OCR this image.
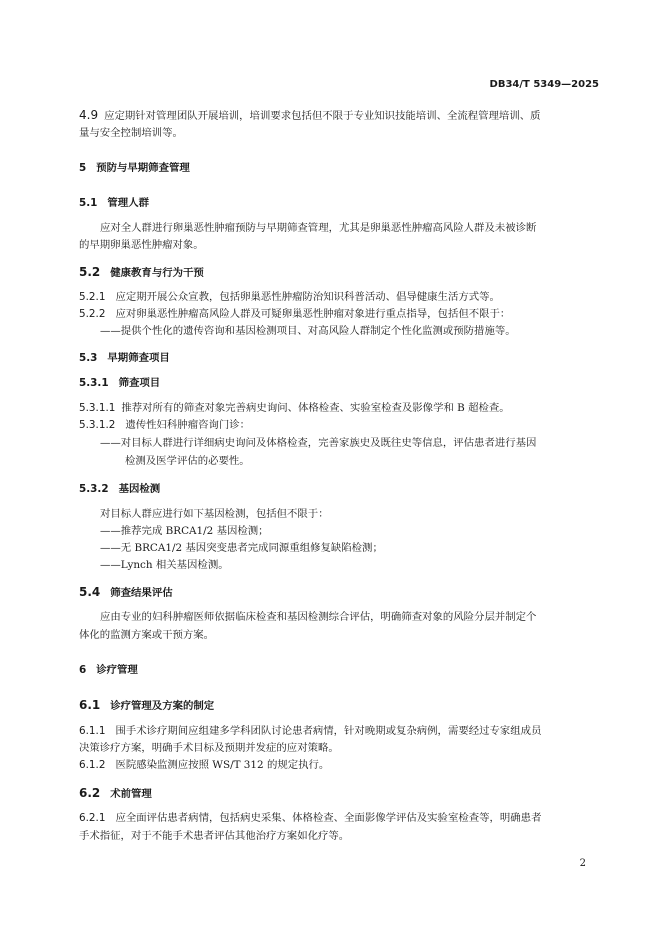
DB34/T 5349—2025
4.9 应定期针对管理团队开展培训，培训要求包括但不限于专业知识技能培训、全流程管理培训、质
量与安全控制培训等。
5 预防与早期筛查管理
5.1 管理人群
应对全人群进行卵巢恶性肿瘤预防与早期筛查管理，尤其是卵巢恶性肿瘤高风险人群及未被诊断
的早期卵巢恶性肿瘤对象。
5.2 健康教育与行为干预
5.2.1 应定期开展公众宣教，包括卵巢恶性肿瘤防治知识科普活动、倡导健康生活方式等。
5.2.2 应对卵巢恶性肿瘤高风险人群及可疑卵巢恶性肿瘤对象进行重点指导，包括但不限于：
——提供个性化的遗传咨询和基因检测项目、对高风险人群制定个性化监测或预防措施等。
5.3 早期筛查项目
5.3.1 筛查项目
5.3.1.1 推荐对所有的筛查对象完善病史询问、体格检查、实验室检查及影像学和 B 超检查。
5.3.1.2 遗传性妇科肿瘤咨询门诊：
——对目标人群进行详细病史询问及体格检查，完善家族史及既往史等信息，评估患者进行基因
检测及医学评估的必要性。
5.3.2 基因检测
对目标人群应进行如下基因检测，包括但不限于：
——推荐完成 BRCA1/2 基因检测；
——无 BRCA1/2 基因突变患者完成同源重组修复缺陷检测；
——Lynch 相关基因检测。
5.4 筛查结果评估
应由专业的妇科肿瘤医师依据临床检查和基因检测综合评估，明确筛查对象的风险分层并制定个
体化的监测方案或干预方案。
6 诊疗管理
6.1 诊疗管理及方案的制定
6.1.1 围手术诊疗期间应组建多学科团队讨论患者病情，针对晚期或复杂病例，需要经过专家组成员
决策诊疗方案，明确手术目标及预期并发症的应对策略。
6.1.2 医院感染监测应按照 WS/T 312 的规定执行。
6.2 术前管理
6.2.1 应全面评估患者病情，包括病史采集、体格检查、全面影像学评估及实验室检查等，明确患者
手术指征，对于不能手术患者评估其他治疗方案如化疗等。
2
